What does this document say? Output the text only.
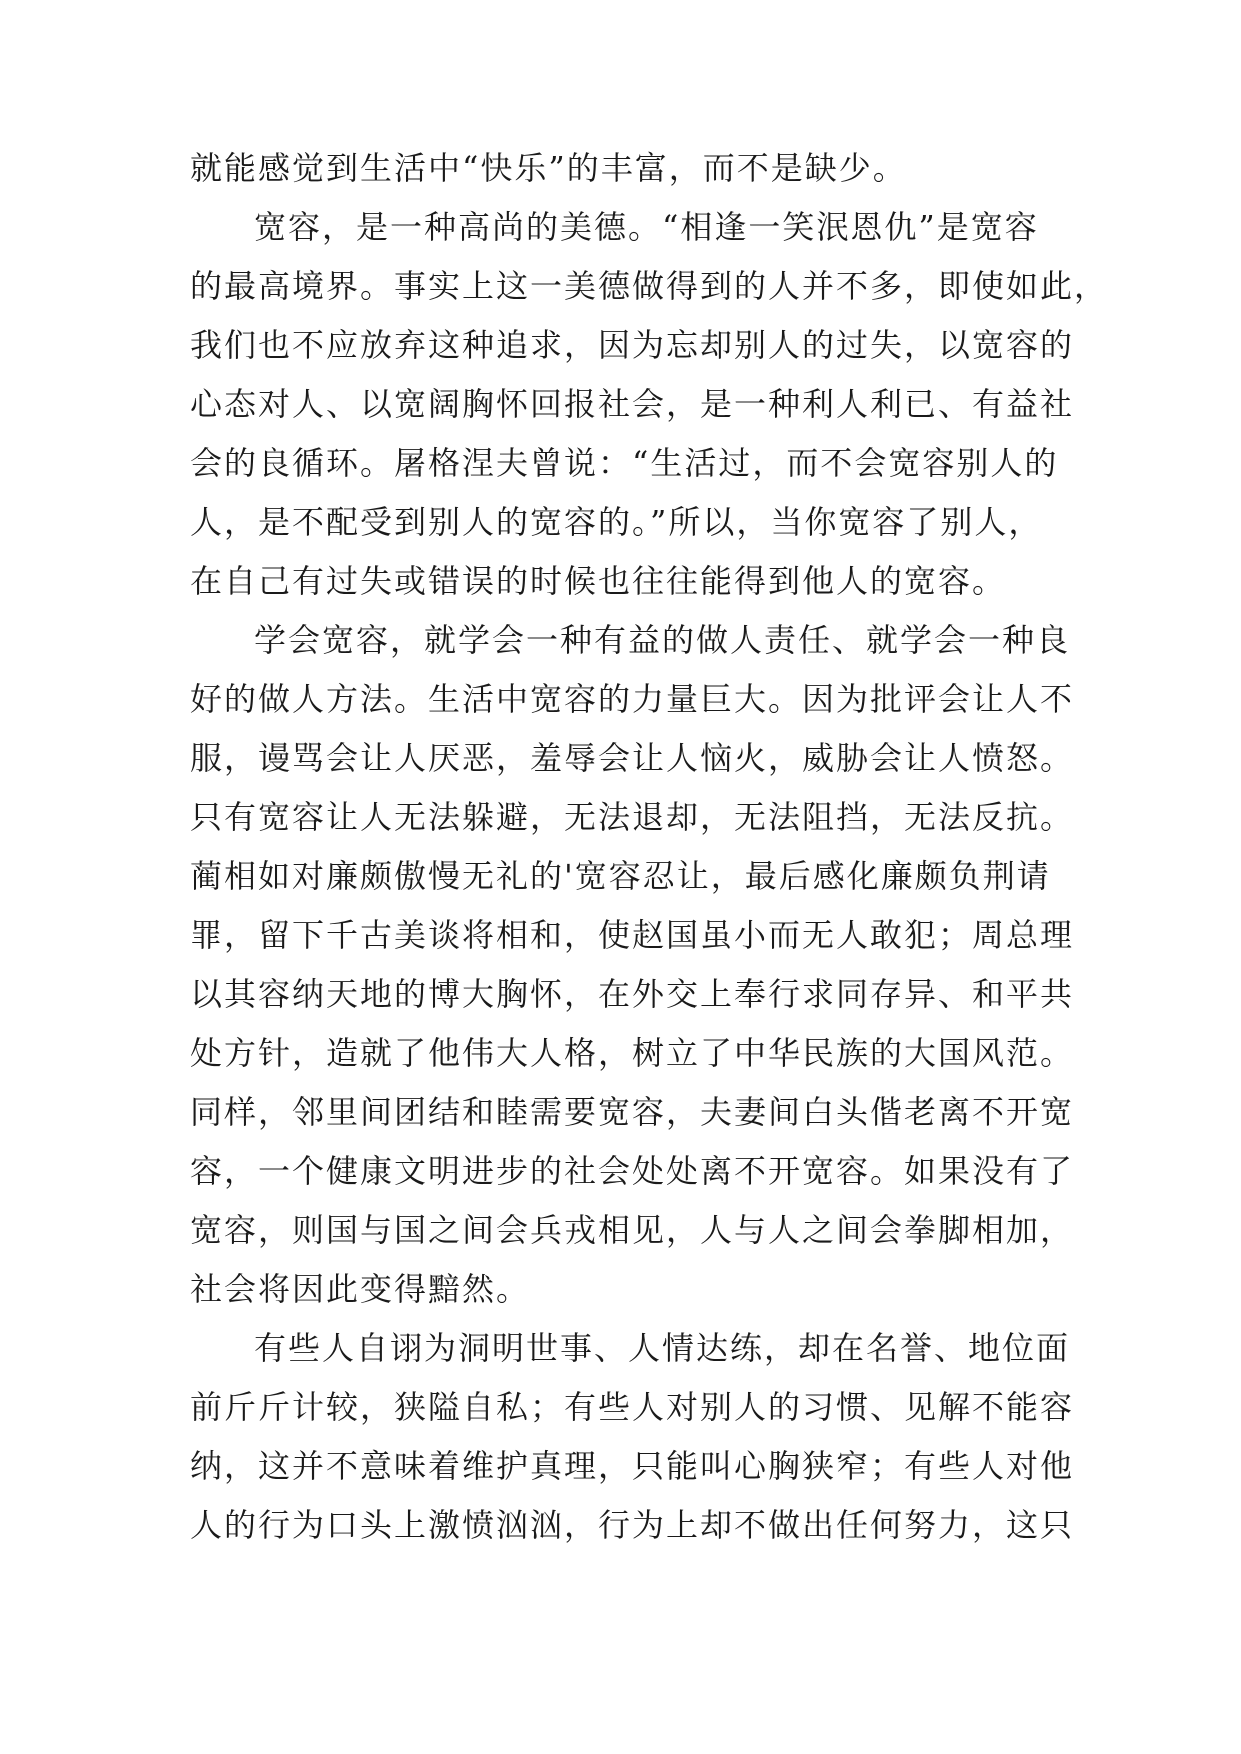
就能感觉到生活中“快乐”的丰富，而不是缺少。

宽容，是一种高尚的美德。“相逢一笑泯恩仇”是宽容

的最高境界。事实上这一美德做得到的人并不多，即使如此，

我们也不应放弃这种追求，因为忘却别人的过失，以宽容的

心态对人、以宽阔胸怀回报社会，是一种利人利已、有益社

会的良循环。屠格涅夫曾说：“生活过，而不会宽容别人的

人，是不配受到别人的宽容的。”所以，当你宽容了别人，

在自己有过失或错误的时候也往往能得到他人的宽容。

学会宽容，就学会一种有益的做人责任、就学会一种良

好的做人方法。生活中宽容的力量巨大。因为批评会让人不

服，谩骂会让人厌恶，羞辱会让人恼火，威胁会让人愤怒。

只有宽容让人无法躲避，无法退却，无法阻挡，无法反抗。

蔺相如对廉颇傲慢无礼的'宽容忍让，最后感化廉颇负荆请

罪，留下千古美谈将相和，使赵国虽小而无人敢犯；周总理

以其容纳天地的博大胸怀，在外交上奉行求同存异、和平共

处方针，造就了他伟大人格，树立了中华民族的大国风范。

同样，邻里间团结和睦需要宽容，夫妻间白头偕老离不开宽

容，一个健康文明进步的社会处处离不开宽容。如果没有了

宽容，则国与国之间会兵戎相见，人与人之间会拳脚相加，

社会将因此变得黯然。

有些人自诩为洞明世事、人情达练，却在名誉、地位面

前斤斤计较，狭隘自私；有些人对别人的习惯、见解不能容

纳，这并不意味着维护真理，只能叫心胸狭窄；有些人对他

人的行为口头上激愤汹汹，行为上却不做出任何努力，这只
